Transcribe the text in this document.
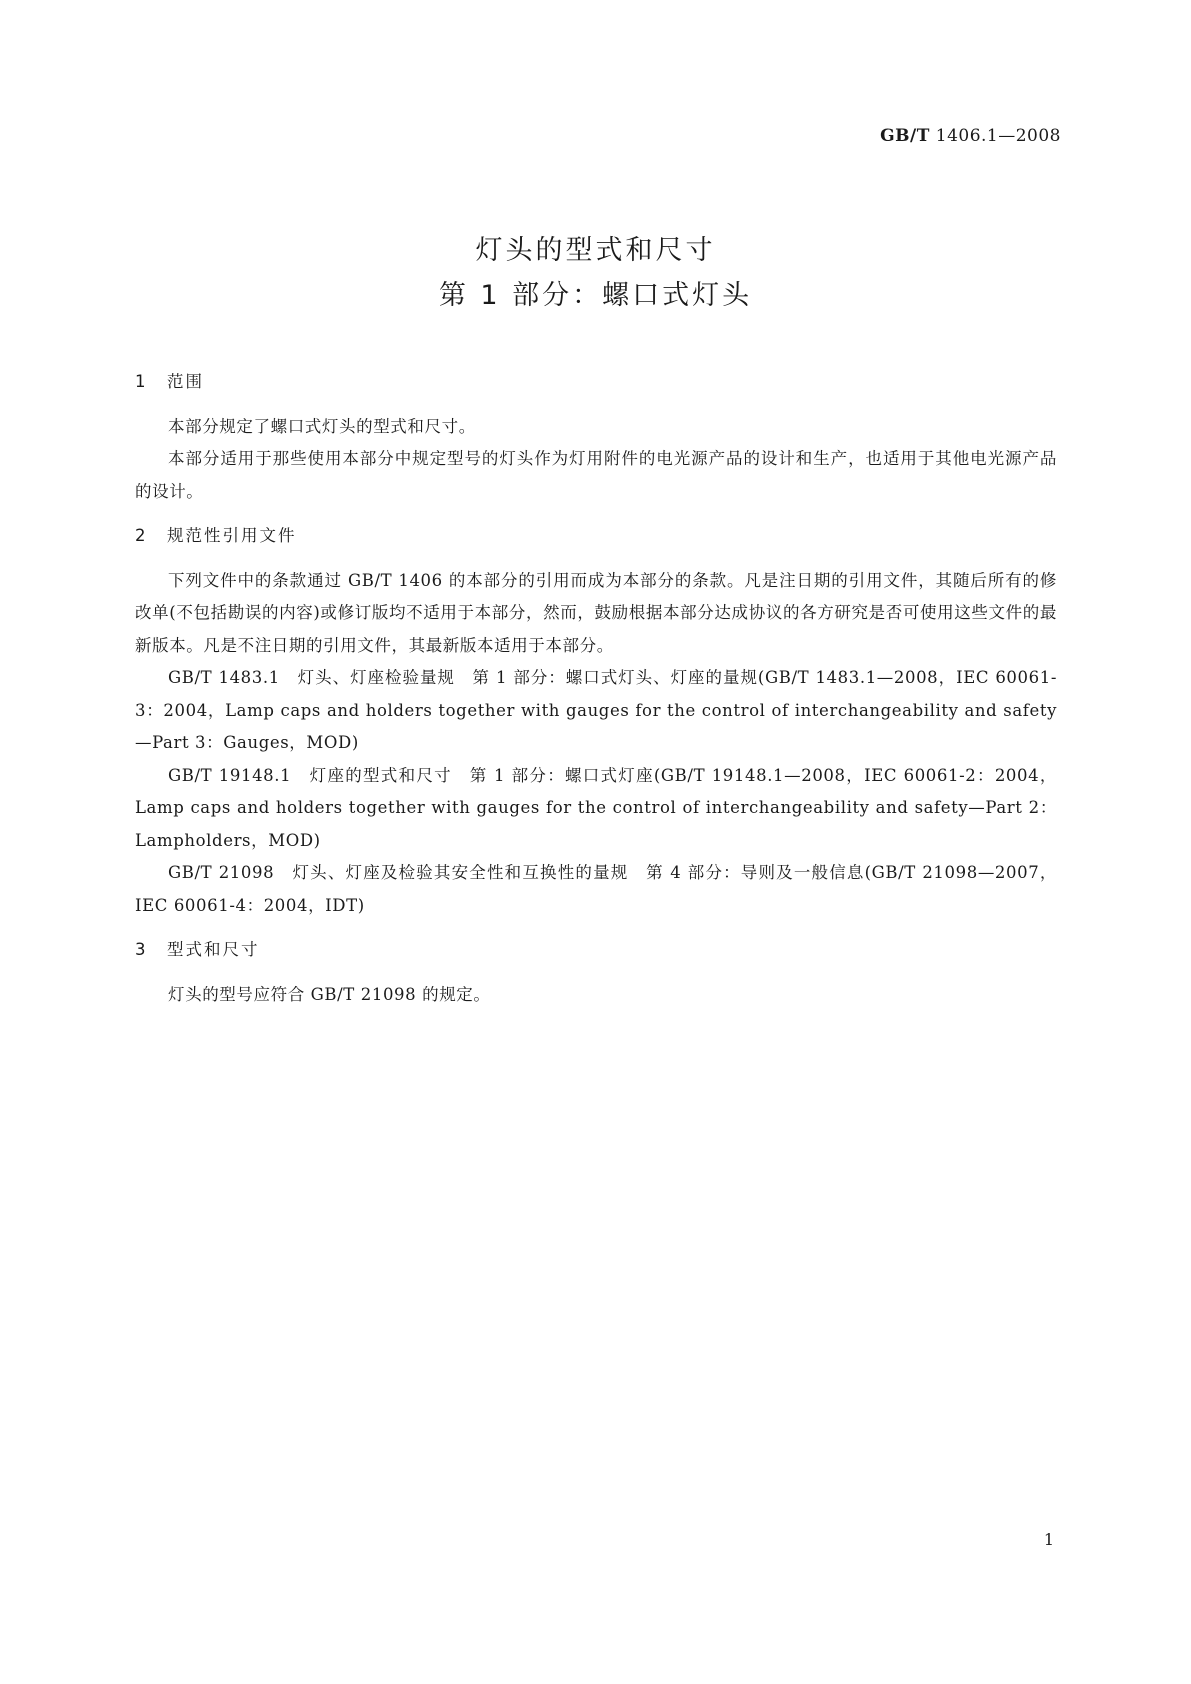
GB/T 1406.1—2008
灯头的型式和尺寸
第 1 部分：螺口式灯头
1 范围

本部分规定了螺口式灯头的型式和尺寸。

本部分适用于那些使用本部分中规定型号的灯头作为灯用附件的电光源产品的设计和生产，也适用于其他电光源产品的设计。

2 规范性引用文件

下列文件中的条款通过 GB/T 1406 的本部分的引用而成为本部分的条款。凡是注日期的引用文件，其随后所有的修改单(不包括勘误的内容)或修订版均不适用于本部分，然而，鼓励根据本部分达成协议的各方研究是否可使用这些文件的最新版本。凡是不注日期的引用文件，其最新版本适用于本部分。

GB/T 1483.1　灯头、灯座检验量规　第 1 部分：螺口式灯头、灯座的量规(GB/T 1483.1—2008，IEC 60061-3：2004，Lamp caps and holders together with gauges for the control of interchangeability and safety—Part 3：Gauges，MOD)

GB/T 19148.1　灯座的型式和尺寸　第 1 部分：螺口式灯座(GB/T 19148.1—2008，IEC 60061-2：2004，Lamp caps and holders together with gauges for the control of interchangeability and safety—Part 2：Lampholders，MOD)

GB/T 21098　灯头、灯座及检验其安全性和互换性的量规　第 4 部分：导则及一般信息(GB/T 21098—2007，IEC 60061-4：2004，IDT)

3 型式和尺寸

灯头的型号应符合 GB/T 21098 的规定。

1
